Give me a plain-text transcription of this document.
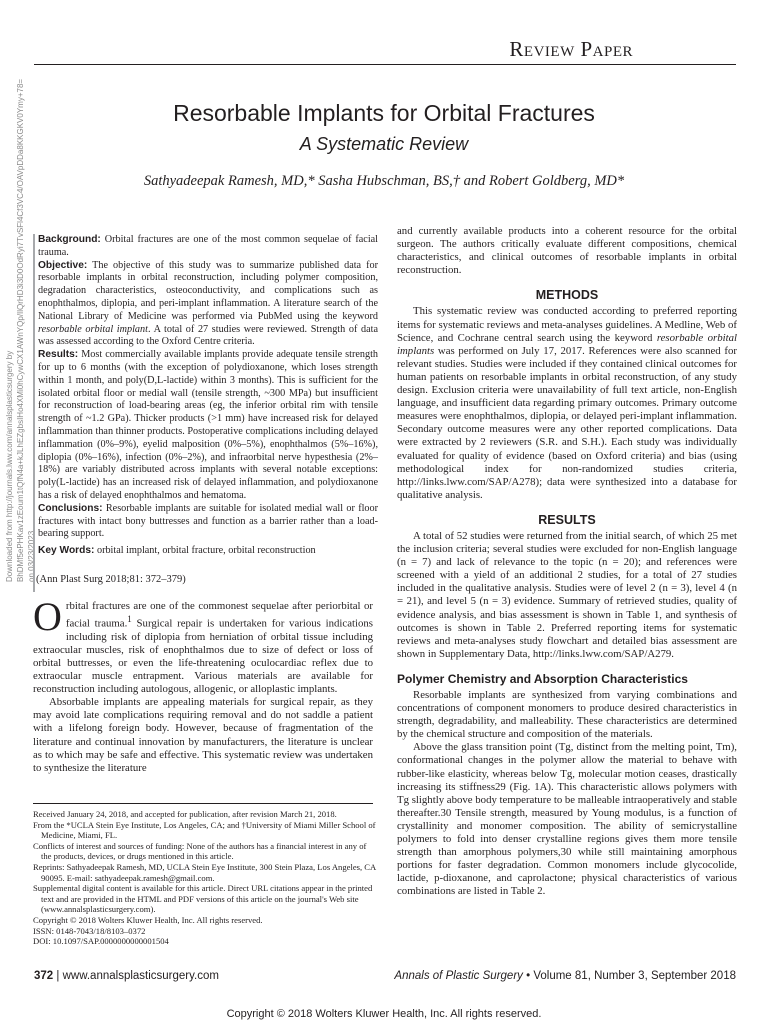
Review Paper
Resorbable Implants for Orbital Fractures
A Systematic Review
Sathyadeepak Ramesh, MD,* Sasha Hubschman, BS,† and Robert Goldberg, MD*
Downloaded from http://journals.lww.com/annalsplasticsurgery by BhDMf5ePHKav1zEoum1tQfN4a+kJLhEZgbsIHo4XMi0hCywCX1AWnYQp/IlQrHD3i3D0OdRyi7TvSFl4Cf3VC4/OAVpDDa8KKGKV0Ymy+78= on 03/23/2023

Background: Orbital fractures are one of the most common sequelae of facial trauma.

Objective: The objective of this study was to summarize published data for resorbable implants in orbital reconstruction, including polymer composition, degradation characteristics, osteoconductivity, and complications such as enophthalmos, diplopia, and peri-implant inflammation. A literature search of the National Library of Medicine was performed via PubMed using the keyword resorbable orbital implant. A total of 27 studies were reviewed. Strength of data was assessed according to the Oxford Centre criteria.

Results: Most commercially available implants provide adequate tensile strength for up to 6 months (with the exception of polydioxanone, which loses strength within 1 month, and poly(D,L-lactide) within 3 months). This is sufficient for the isolated orbital floor or medial wall (tensile strength, ~300 MPa) but insufficient for reconstruction of load-bearing areas (eg, the inferior orbital rim with tensile strength of ~1.2 GPa). Thicker products (>1 mm) have increased risk for delayed inflammation than thinner products. Postoperative complications including delayed inflammation (0%–9%), eyelid malposition (0%–5%), enophthalmos (5%–16%), diplopia (0%–16%), infection (0%–2%), and infraorbital nerve hypesthesia (2%–18%) are variably distributed across implants with several notable exceptions: poly(L-lactide) has an increased risk of delayed inflammation, and polydioxanone has a risk of delayed enophthalmos and hematoma.

Conclusions: Resorbable implants are suitable for isolated medial wall or floor fractures with intact bony buttresses and function as a barrier rather than a load-bearing support.

Key Words: orbital implant, orbital fracture, orbital reconstruction

(Ann Plast Surg 2018;81: 372–379)

Orbital fractures are one of the commonest sequelae after periorbital or facial trauma.$^1$ Surgical repair is undertaken for various indications including risk of diplopia from herniation of orbital tissue including extraocular muscles, risk of enophthalmos due to size of defect or loss of orbital buttresses, or even the life-threatening oculocardiac reflex due to extraocular muscle entrapment. Various materials are available for reconstruction including autologous, allogenic, or alloplastic implants.

Absorbable implants are appealing materials for surgical repair, as they may avoid late complications requiring removal and do not saddle a patient with a lifelong foreign body. However, because of fragmentation of the literature and continual innovation by manufacturers, the literature is unclear as to which may be safe and effective. This systematic review was undertaken to synthesize the literature

Received January 24, 2018, and accepted for publication, after revision March 21, 2018.

From the *UCLA Stein Eye Institute, Los Angeles, CA; and †University of Miami Miller School of Medicine, Miami, FL.

Conflicts of interest and sources of funding: None of the authors has a financial interest in any of the products, devices, or drugs mentioned in this article.

Reprints: Sathyadeepak Ramesh, MD, UCLA Stein Eye Institute, 300 Stein Plaza, Los Angeles, CA 90095. E-mail: sathyadeepak.ramesh@gmail.com.

Supplemental digital content is available for this article. Direct URL citations appear in the printed text and are provided in the HTML and PDF versions of this article on the journal's Web site (www.annalsplasticsurgery.com).

Copyright © 2018 Wolters Kluwer Health, Inc. All rights reserved.

ISSN: 0148-7043/18/8103–0372

DOI: 10.1097/SAP.0000000000001504

and currently available products into a coherent resource for the orbital surgeon. The authors critically evaluate different compositions, chemical characteristics, and clinical outcomes of resorbable implants in orbital reconstruction.

METHODS

This systematic review was conducted according to preferred reporting items for systematic reviews and meta-analyses guidelines. A Medline, Web of Science, and Cochrane central search using the keyword resorbable orbital implants was performed on July 17, 2017. References were also scanned for relevant studies. Studies were included if they contained clinical outcomes for human patients on resorbable implants in orbital reconstruction, of any study design. Exclusion criteria were unavailability of full text article, non-English language, and insufficient data regarding primary outcomes. Primary outcome measures were enophthalmos, diplopia, or delayed peri-implant inflammation. Secondary outcome measures were any other reported complications. Data were extracted by 2 reviewers (S.R. and S.H.). Each study was individually evaluated for quality of evidence (based on Oxford criteria) and bias (using methodological index for non-randomized studies criteria, http://links.lww.com/SAP/A278); data were synthesized into a database for qualitative analysis.

RESULTS

A total of 52 studies were returned from the initial search, of which 25 met the inclusion criteria; several studies were excluded for non-English language (n = 7) and lack of relevance to the topic (n = 20); and references were screened with a yield of an additional 2 studies, for a total of 27 studies included in the qualitative analysis. Studies were of level 2 (n = 3), level 4 (n = 21), and level 5 (n = 3) evidence. Summary of retrieved studies, quality of evidence analysis, and bias assessment is shown in Table 1, and synthesis of outcomes is shown in Table 2. Preferred reporting items for systematic reviews and meta-analyses study flowchart and detailed bias assessment are shown in Supplementary Data, http://links.lww.com/SAP/A279.

Polymer Chemistry and Absorption Characteristics

Resorbable implants are synthesized from varying combinations and concentrations of component monomers to produce desired characteristics in strength, degradability, and malleability. These characteristics are determined by the chemical structure and composition of the materials.

Above the glass transition point (Tg, distinct from the melting point, Tm), conformational changes in the polymer allow the material to behave with rubber-like elasticity, whereas below Tg, molecular motion ceases, drastically increasing its stiffness29 (Fig. 1A). This characteristic allows polymers with Tg slightly above body temperature to be malleable intraoperatively and stable thereafter.30 Tensile strength, measured by Young modulus, is a function of crystallinity and monomer composition. The ability of semicrystalline polymers to fold into denser crystalline regions gives them more tensile strength than amorphous polymers,30 while still maintaining amorphous portions for faster degradation. Common monomers include glycocolide, lactide, p-dioxanone, and caprolactone; physical characteristics of various combinations are listed in Table 2.

372 | www.annalsplasticsurgery.com	Annals of Plastic Surgery • Volume 81, Number 3, September 2018
Copyright © 2018 Wolters Kluwer Health, Inc. All rights reserved.
